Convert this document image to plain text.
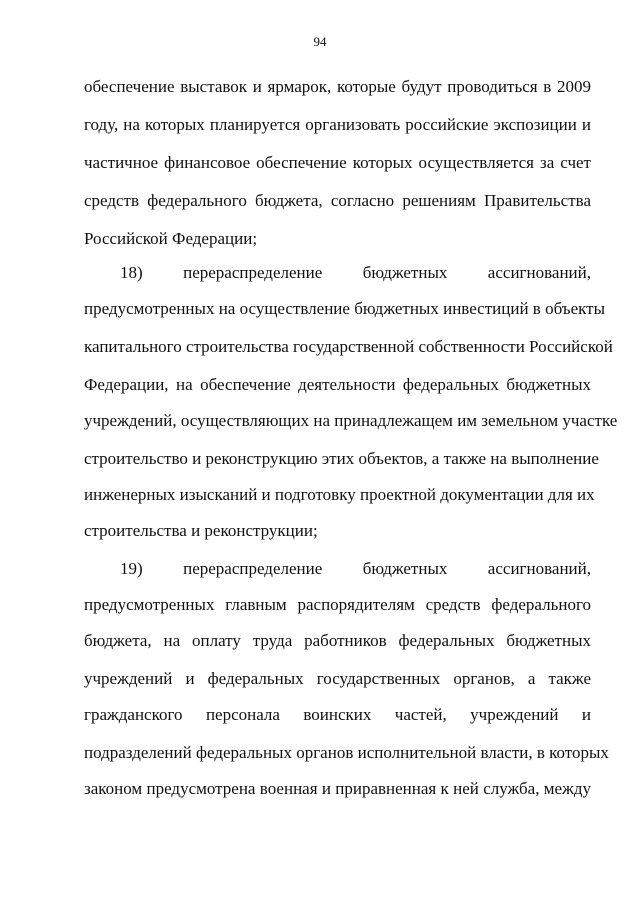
94
обеспечение выставок и ярмарок, которые будут проводиться в 2009
году, на которых планируется организовать российские экспозиции и
частичное финансовое обеспечение которых осуществляется за счет
средств федерального бюджета, согласно решениям Правительства
Российской Федерации;
18) перераспределение бюджетных ассигнований,
предусмотренных на осуществление бюджетных инвестиций в объекты
капитального строительства государственной собственности Российской
Федерации, на обеспечение деятельности федеральных бюджетных
учреждений, осуществляющих на принадлежащем им земельном участке
строительство и реконструкцию этих объектов, а также на выполнение
инженерных изысканий и подготовку проектной документации для их
строительства и реконструкции;
19) перераспределение бюджетных ассигнований,
предусмотренных главным распорядителям средств федерального
бюджета, на оплату труда работников федеральных бюджетных
учреждений и федеральных государственных органов, а также
гражданского персонала воинских частей, учреждений и
подразделений федеральных органов исполнительной власти, в которых
законом предусмотрена военная и приравненная к ней служба, между
